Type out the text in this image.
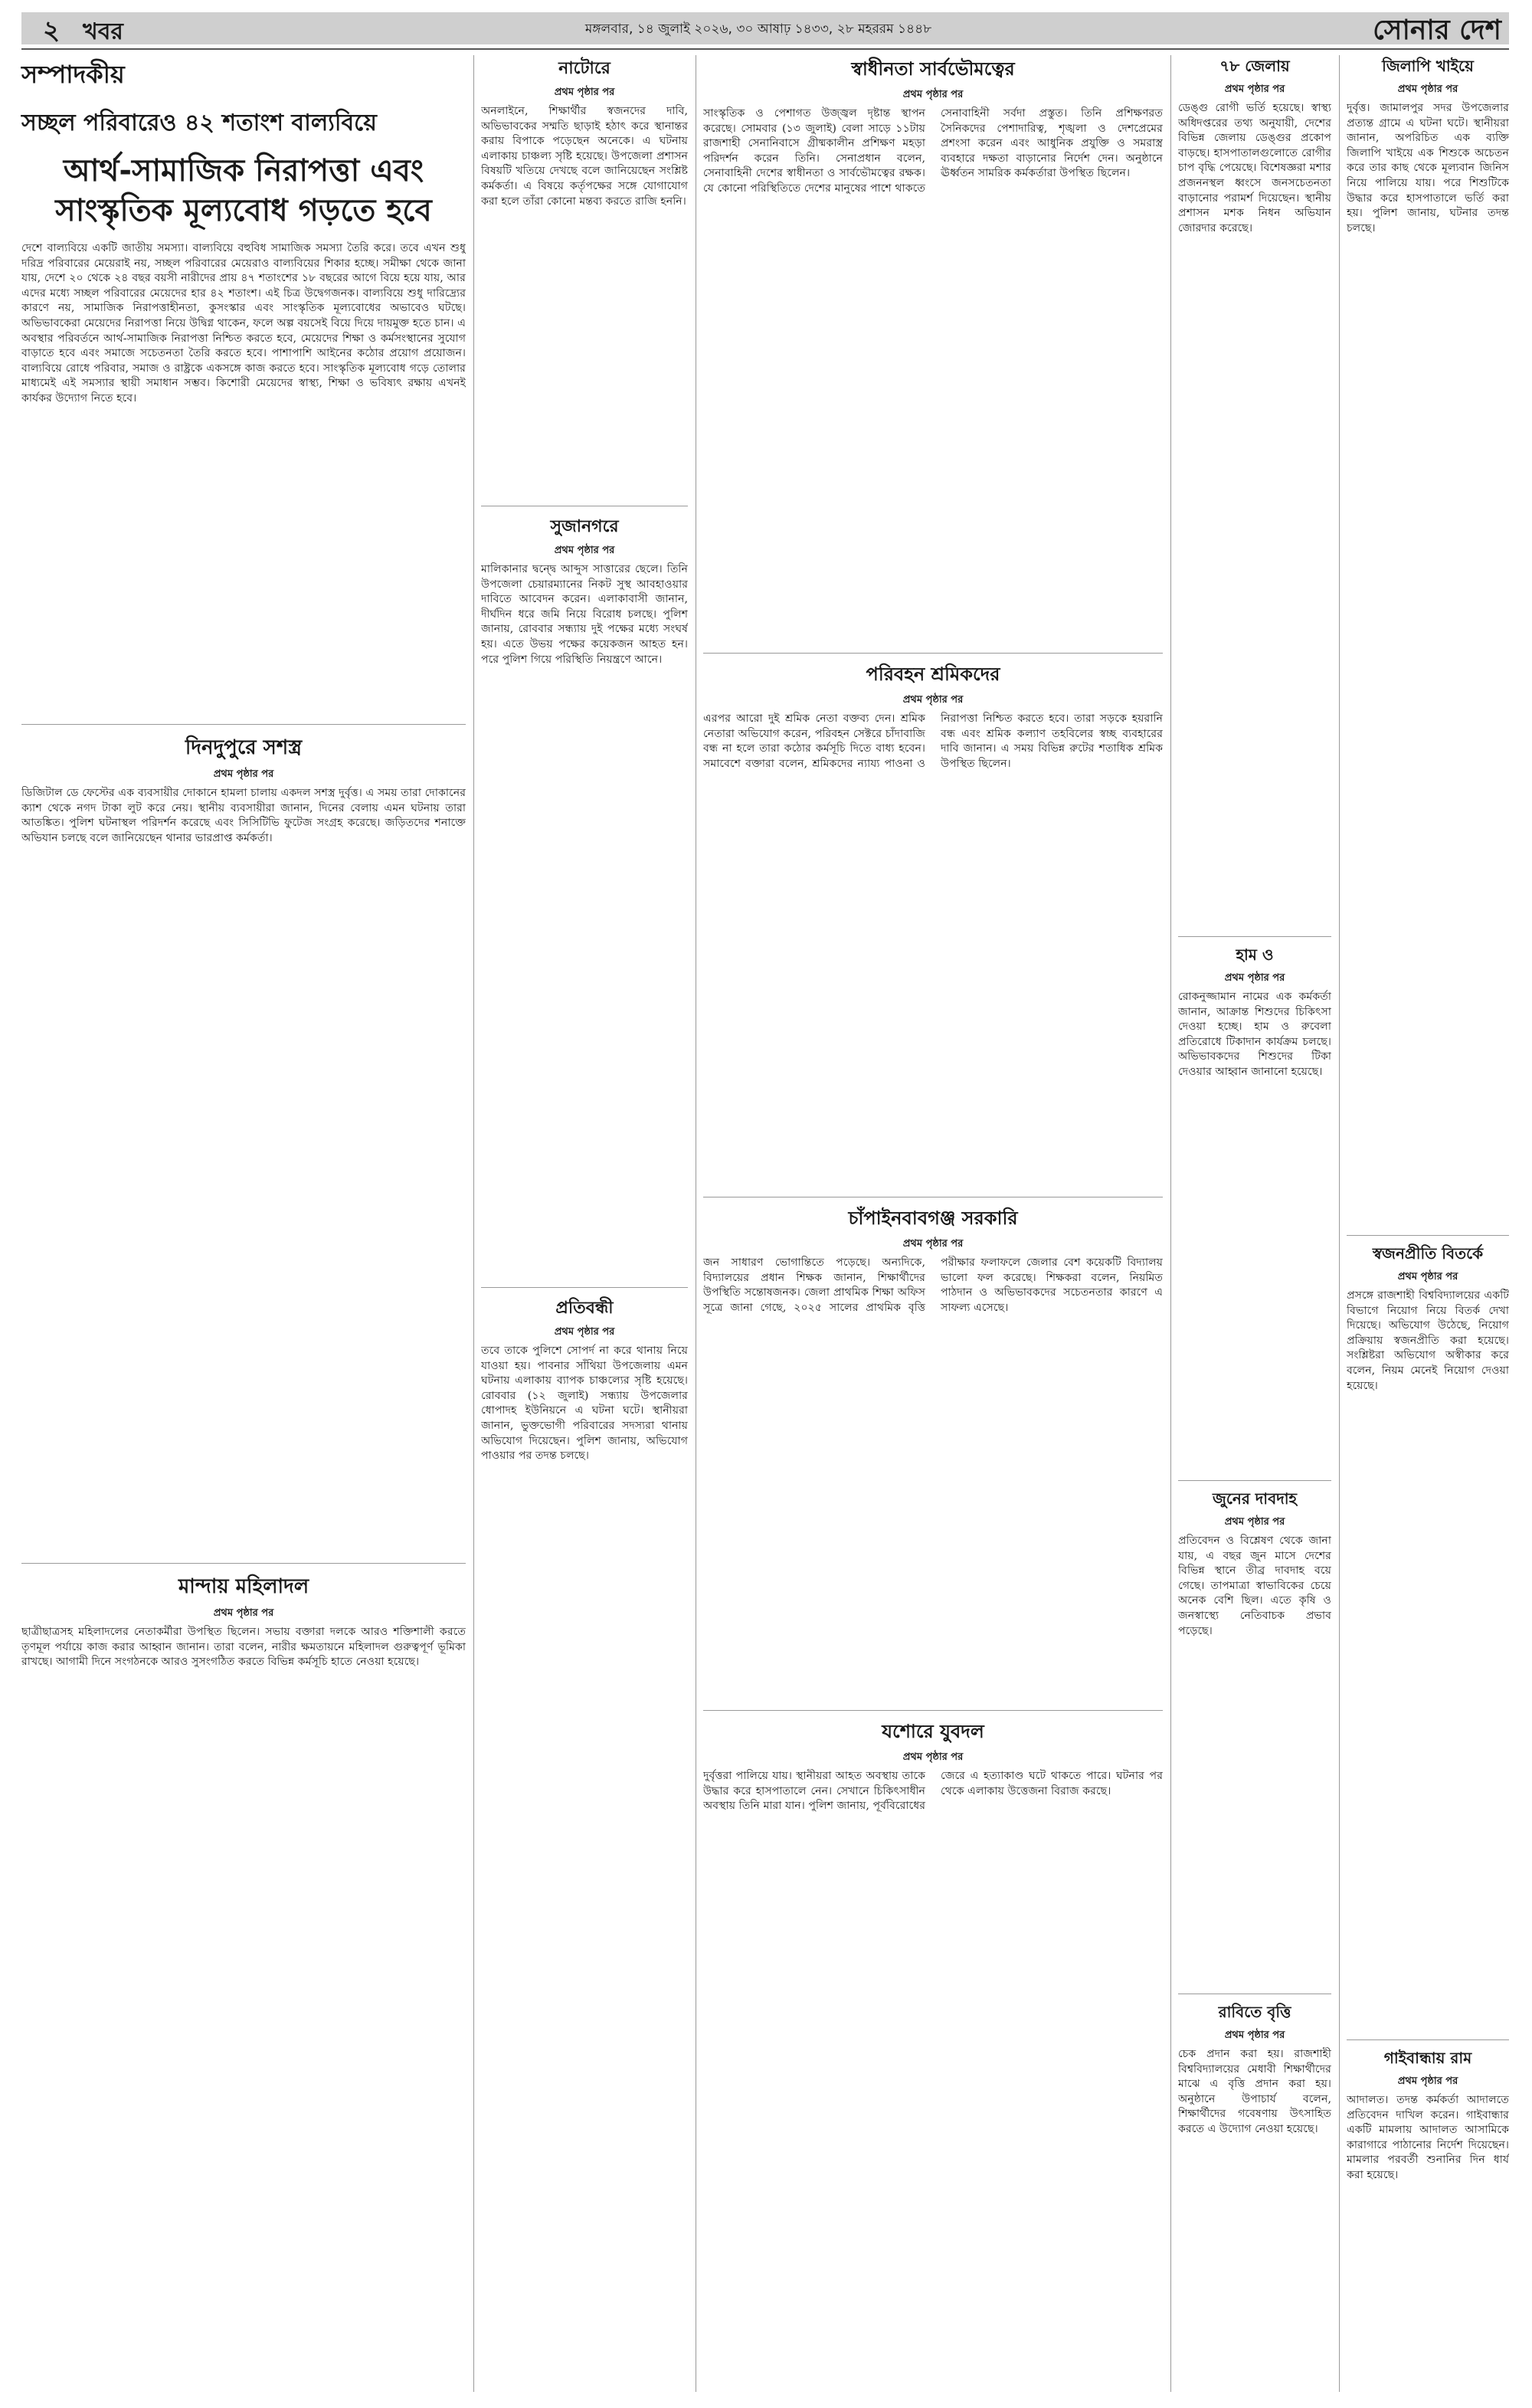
২ খবর	মঙ্গলবার, ১৪ জুলাই ২০২৬, ৩০ আষাঢ় ১৪৩৩, ২৮ মহররম ১৪৪৮	সোনার দেশ
সম্পাদকীয়
সচ্ছল পরিবারেও ৪২ শতাংশ বাল্যবিয়ে
আর্থ-সামাজিক নিরাপত্তা এবং সাংস্কৃতিক মূল্যবোধ গড়তে হবে
দেশে বাল্যবিয়ে একটি জাতীয় সমস্যা। বাল্যবিয়ে বহুবিধ সামাজিক সমস্যা তৈরি করে। তবে এখন শুধু দরিদ্র পরিবারের মেয়েরাই নয়, সচ্ছল পরিবারের মেয়েরাও বাল্যবিয়ের শিকার হচ্ছে। সমীক্ষা থেকে জানা যায়, দেশে ২০ থেকে ২৪ বছর বয়সী নারীদের প্রায় ৪৭ শতাংশের ১৮ বছরের আগে বিয়ে হয়ে যায়, আর এদের মধ্যে সচ্ছল পরিবারের মেয়েদের হার ৪২ শতাংশ। এই চিত্র উদ্বেগজনক। বাল্যবিয়ে শুধু দারিদ্র্যের কারণে নয়, সামাজিক নিরাপত্তাহীনতা, কুসংস্কার এবং সাংস্কৃতিক মূল্যবোধের অভাবেও ঘটছে। অভিভাবকেরা মেয়েদের নিরাপত্তা নিয়ে উদ্বিগ্ন থাকেন, ফলে অল্প বয়সেই বিয়ে দিয়ে দায়মুক্ত হতে চান। এ অবস্থার পরিবর্তনে আর্থ-সামাজিক নিরাপত্তা নিশ্চিত করতে হবে, মেয়েদের শিক্ষা ও কর্মসংস্থানের সুযোগ বাড়াতে হবে এবং সমাজে সচেতনতা তৈরি করতে হবে। পাশাপাশি আইনের কঠোর প্রয়োগ প্রয়োজন। বাল্যবিয়ে রোধে পরিবার, সমাজ ও রাষ্ট্রকে একসঙ্গে কাজ করতে হবে। সাংস্কৃতিক মূল্যবোধ গড়ে তোলার মাধ্যমেই এই সমস্যার স্থায়ী সমাধান সম্ভব। কিশোরী মেয়েদের স্বাস্থ্য, শিক্ষা ও ভবিষ্যৎ রক্ষায় এখনই কার্যকর উদ্যোগ নিতে হবে।
দিনদুপুরে সশস্ত্র
প্রথম পৃষ্ঠার পর
ডিজিটাল ডে ফেস্টের এক ব্যবসায়ীর দোকানে হামলা চালায় একদল সশস্ত্র দুর্বৃত্ত। এ সময় তারা দোকানের ক্যাশ থেকে নগদ টাকা লুট করে নেয়। স্থানীয় ব্যবসায়ীরা জানান, দিনের বেলায় এমন ঘটনায় তারা আতঙ্কিত। পুলিশ ঘটনাস্থল পরিদর্শন করেছে এবং সিসিটিভি ফুটেজ সংগ্রহ করেছে। জড়িতদের শনাক্তে অভিযান চলছে বলে জানিয়েছেন থানার ভারপ্রাপ্ত কর্মকর্তা।
মান্দায় মহিলাদল
প্রথম পৃষ্ঠার পর
ছাত্রীছাত্রসহ মহিলাদলের নেতাকর্মীরা উপস্থিত ছিলেন। সভায় বক্তারা দলকে আরও শক্তিশালী করতে তৃণমূল পর্যায়ে কাজ করার আহ্বান জানান। তারা বলেন, নারীর ক্ষমতায়নে মহিলাদল গুরুত্বপূর্ণ ভূমিকা রাখছে। আগামী দিনে সংগঠনকে আরও সুসংগঠিত করতে বিভিন্ন কর্মসূচি হাতে নেওয়া হয়েছে।
নাটোরে
প্রথম পৃষ্ঠার পর
অনলাইনে, শিক্ষার্থীর স্বজনদের দাবি, অভিভাবকের সম্মতি ছাড়াই হঠাৎ করে স্থানান্তর করায় বিপাকে পড়েছেন অনেকে। এ ঘটনায় এলাকায় চাঞ্চল্য সৃষ্টি হয়েছে। উপজেলা প্রশাসন বিষয়টি খতিয়ে দেখছে বলে জানিয়েছেন সংশ্লিষ্ট কর্মকর্তা। এ বিষয়ে কর্তৃপক্ষের সঙ্গে যোগাযোগ করা হলে তাঁরা কোনো মন্তব্য করতে রাজি হননি।
সুজানগরে
প্রথম পৃষ্ঠার পর
মালিকানার দ্বন্দ্বে আব্দুস সাত্তারের ছেলে। তিনি উপজেলা চেয়ারম্যানের নিকট সুস্থ আবহাওয়ার দাবিতে আবেদন করেন। এলাকাবাসী জানান, দীর্ঘদিন ধরে জমি নিয়ে বিরোধ চলছে। পুলিশ জানায়, রোববার সন্ধ্যায় দুই পক্ষের মধ্যে সংঘর্ষ হয়। এতে উভয় পক্ষের কয়েকজন আহত হন। পরে পুলিশ গিয়ে পরিস্থিতি নিয়ন্ত্রণে আনে।
প্রতিবন্ধী
প্রথম পৃষ্ঠার পর
তবে তাকে পুলিশে সোপর্দ না করে থানায় নিয়ে যাওয়া হয়। পাবনার সাঁথিয়া উপজেলায় এমন ঘটনায় এলাকায় ব্যাপক চাঞ্চল্যের সৃষ্টি হয়েছে। রোববার (১২ জুলাই) সন্ধ্যায় উপজেলার ধোপাদহ ইউনিয়নে এ ঘটনা ঘটে। স্থানীয়রা জানান, ভুক্তভোগী পরিবারের সদস্যরা থানায় অভিযোগ দিয়েছেন। পুলিশ জানায়, অভিযোগ পাওয়ার পর তদন্ত চলছে।
স্বাধীনতা সার্বভৌমত্বের
প্রথম পৃষ্ঠার পর
সাংস্কৃতিক ও পেশাগত উজ্জ্বল দৃষ্টান্ত স্থাপন করেছে। সোমবার (১৩ জুলাই) বেলা সাড়ে ১১টায় রাজশাহী সেনানিবাসে গ্রীষ্মকালীন প্রশিক্ষণ মহড়া পরিদর্শন করেন তিনি। সেনাপ্রধান বলেন, সেনাবাহিনী দেশের স্বাধীনতা ও সার্বভৌমত্বের রক্ষক। যে কোনো পরিস্থিতিতে দেশের মানুষের পাশে থাকতে সেনাবাহিনী সর্বদা প্রস্তুত। তিনি প্রশিক্ষণরত সৈনিকদের পেশাদারিত্ব, শৃঙ্খলা ও দেশপ্রেমের প্রশংসা করেন এবং আধুনিক প্রযুক্তি ও সমরাস্ত্র ব্যবহারে দক্ষতা বাড়ানোর নির্দেশ দেন। অনুষ্ঠানে ঊর্ধ্বতন সামরিক কর্মকর্তারা উপস্থিত ছিলেন।
পরিবহন শ্রমিকদের
প্রথম পৃষ্ঠার পর
এরপর আরো দুই শ্রমিক নেতা বক্তব্য দেন। শ্রমিক নেতারা অভিযোগ করেন, পরিবহন সেক্টরে চাঁদাবাজি বন্ধ না হলে তারা কঠোর কর্মসূচি দিতে বাধ্য হবেন। সমাবেশে বক্তারা বলেন, শ্রমিকদের ন্যায্য পাওনা ও নিরাপত্তা নিশ্চিত করতে হবে। তারা সড়কে হয়রানি বন্ধ এবং শ্রমিক কল্যাণ তহবিলের স্বচ্ছ ব্যবহারের দাবি জানান। এ সময় বিভিন্ন রুটের শতাধিক শ্রমিক উপস্থিত ছিলেন।
চাঁপাইনবাবগঞ্জ সরকারি
প্রথম পৃষ্ঠার পর
জন সাধারণ ভোগান্তিতে পড়েছে। অন্যদিকে, বিদ্যালয়ের প্রধান শিক্ষক জানান, শিক্ষার্থীদের উপস্থিতি সন্তোষজনক। জেলা প্রাথমিক শিক্ষা অফিস সূত্রে জানা গেছে, ২০২৫ সালের প্রাথমিক বৃত্তি পরীক্ষার ফলাফলে জেলার বেশ কয়েকটি বিদ্যালয় ভালো ফল করেছে। শিক্ষকরা বলেন, নিয়মিত পাঠদান ও অভিভাবকদের সচেতনতার কারণে এ সাফল্য এসেছে।
যশোরে যুবদল
প্রথম পৃষ্ঠার পর
দুর্বৃত্তরা পালিয়ে যায়। স্থানীয়রা আহত অবস্থায় তাকে উদ্ধার করে হাসপাতালে নেন। সেখানে চিকিৎসাধীন অবস্থায় তিনি মারা যান। পুলিশ জানায়, পূর্ববিরোধের জেরে এ হত্যাকাণ্ড ঘটে থাকতে পারে। ঘটনার পর থেকে এলাকায় উত্তেজনা বিরাজ করছে।
৭৮ জেলায়
প্রথম পৃষ্ঠার পর
ডেঙ্গু রোগী ভর্তি হয়েছে। স্বাস্থ্য অধিদপ্তরের তথ্য অনুযায়ী, দেশের বিভিন্ন জেলায় ডেঙ্গুর প্রকোপ বাড়ছে। হাসপাতালগুলোতে রোগীর চাপ বৃদ্ধি পেয়েছে। বিশেষজ্ঞরা মশার প্রজননস্থল ধ্বংসে জনসচেতনতা বাড়ানোর পরামর্শ দিয়েছেন। স্থানীয় প্রশাসন মশক নিধন অভিযান জোরদার করেছে।
হাম ও
প্রথম পৃষ্ঠার পর
রোকনুজ্জামান নামের এক কর্মকর্তা জানান, আক্রান্ত শিশুদের চিকিৎসা দেওয়া হচ্ছে। হাম ও রুবেলা প্রতিরোধে টিকাদান কার্যক্রম চলছে। অভিভাবকদের শিশুদের টিকা দেওয়ার আহ্বান জানানো হয়েছে।
জুনের দাবদাহ
প্রথম পৃষ্ঠার পর
প্রতিবেদন ও বিশ্লেষণ থেকে জানা যায়, এ বছর জুন মাসে দেশের বিভিন্ন স্থানে তীব্র দাবদাহ বয়ে গেছে। তাপমাত্রা স্বাভাবিকের চেয়ে অনেক বেশি ছিল। এতে কৃষি ও জনস্বাস্থ্যে নেতিবাচক প্রভাব পড়েছে।
রাবিতে বৃত্তি
প্রথম পৃষ্ঠার পর
চেক প্রদান করা হয়। রাজশাহী বিশ্ববিদ্যালয়ের মেধাবী শিক্ষার্থীদের মাঝে এ বৃত্তি প্রদান করা হয়। অনুষ্ঠানে উপাচার্য বলেন, শিক্ষার্থীদের গবেষণায় উৎসাহিত করতে এ উদ্যোগ নেওয়া হয়েছে।
জিলাপি খাইয়ে
প্রথম পৃষ্ঠার পর
দুর্বৃত্ত। জামালপুর সদর উপজেলার প্রত্যন্ত গ্রামে এ ঘটনা ঘটে। স্থানীয়রা জানান, অপরিচিত এক ব্যক্তি জিলাপি খাইয়ে এক শিশুকে অচেতন করে তার কাছ থেকে মূল্যবান জিনিস নিয়ে পালিয়ে যায়। পরে শিশুটিকে উদ্ধার করে হাসপাতালে ভর্তি করা হয়। পুলিশ জানায়, ঘটনার তদন্ত চলছে।
স্বজনপ্রীতি বিতর্কে
প্রথম পৃষ্ঠার পর
প্রসঙ্গে রাজশাহী বিশ্ববিদ্যালয়ের একটি বিভাগে নিয়োগ নিয়ে বিতর্ক দেখা দিয়েছে। অভিযোগ উঠেছে, নিয়োগ প্রক্রিয়ায় স্বজনপ্রীতি করা হয়েছে। সংশ্লিষ্টরা অভিযোগ অস্বীকার করে বলেন, নিয়ম মেনেই নিয়োগ দেওয়া হয়েছে।
গাইবান্ধায় রাম
প্রথম পৃষ্ঠার পর
আদালত। তদন্ত কর্মকর্তা আদালতে প্রতিবেদন দাখিল করেন। গাইবান্ধার একটি মামলায় আদালত আসামিকে কারাগারে পাঠানোর নির্দেশ দিয়েছেন। মামলার পরবর্তী শুনানির দিন ধার্য করা হয়েছে।
